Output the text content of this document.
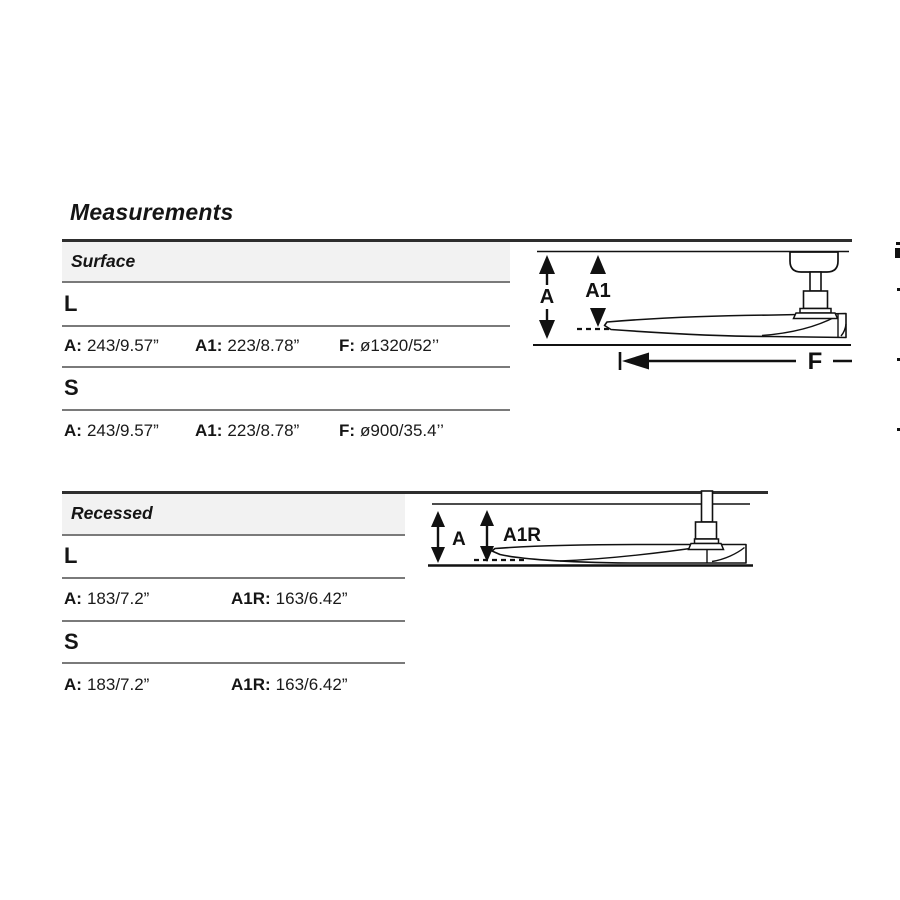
Measurements
Surface
L
A: 243/9.57” A1: 223/8.78” F: ø1320/52’’
S
A: 243/9.57” A1: 223/8.78” F: ø900/35.4’’
A A1
F
Recessed
L
A: 183/7.2”	A1R: 163/6.42”
S
A: 183/7.2”	A1R: 163/6.42”
A A1R
